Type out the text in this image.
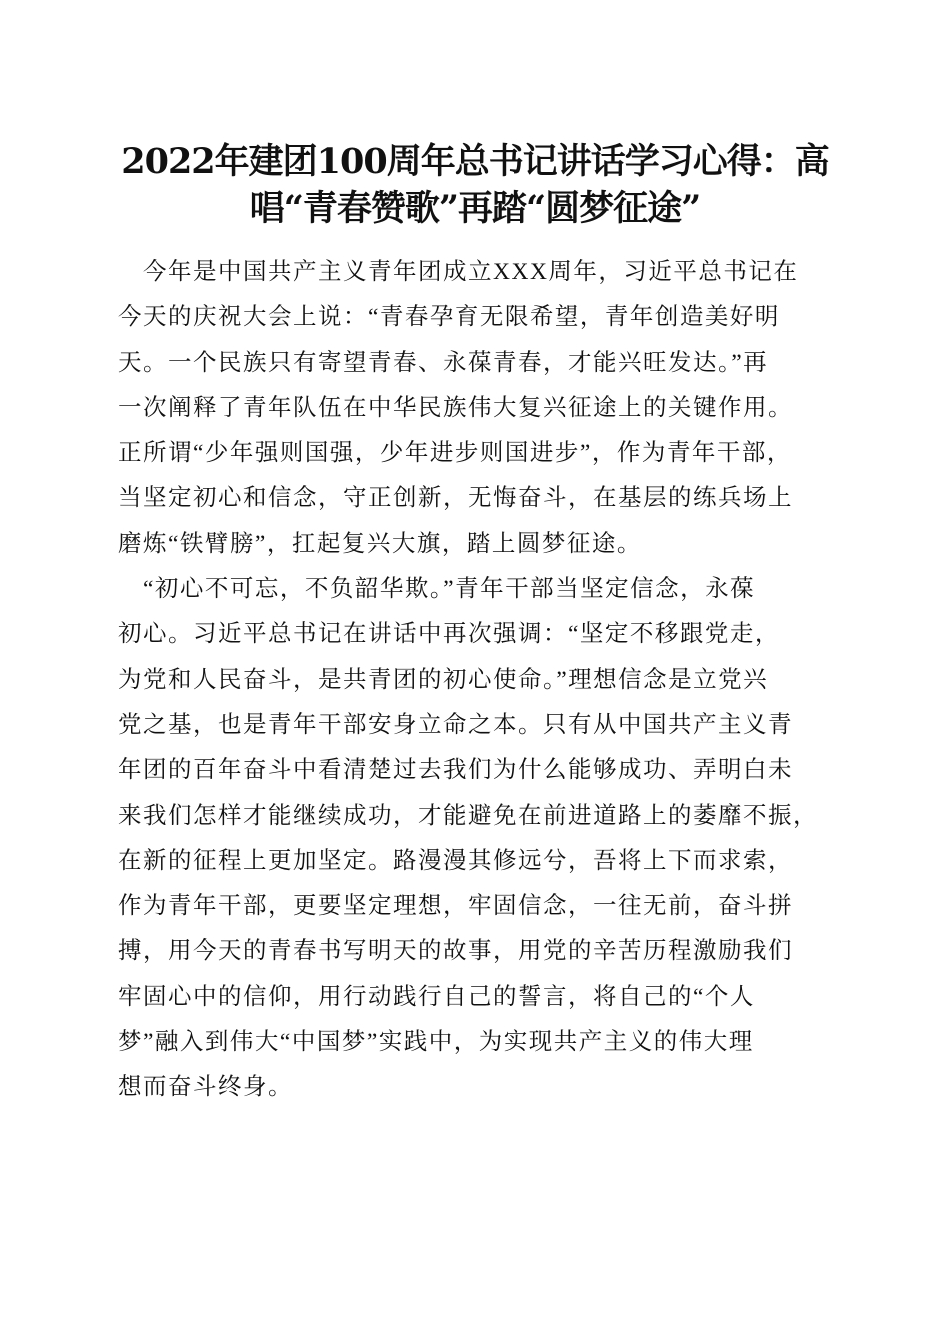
2022年建团100周年总书记讲话学习心得：高
唱“青春赞歌”再踏“圆梦征途”
　今年是中国共产主义青年团成立XXX周年，习近平总书记在
今天的庆祝大会上说：“青春孕育无限希望，青年创造美好明
天。一个民族只有寄望青春、永葆青春，才能兴旺发达。”再
一次阐释了青年队伍在中华民族伟大复兴征途上的关键作用。
正所谓“少年强则国强，少年进步则国进步”，作为青年干部，
当坚定初心和信念，守正创新，无悔奋斗，在基层的练兵场上
磨炼“铁臂膀”，扛起复兴大旗，踏上圆梦征途。
　“初心不可忘，不负韶华欺。”青年干部当坚定信念，永葆
初心。习近平总书记在讲话中再次强调：“坚定不移跟党走，
为党和人民奋斗，是共青团的初心使命。”理想信念是立党兴
党之基，也是青年干部安身立命之本。只有从中国共产主义青
年团的百年奋斗中看清楚过去我们为什么能够成功、弄明白未
来我们怎样才能继续成功，才能避免在前进道路上的萎靡不振，
在新的征程上更加坚定。路漫漫其修远兮，吾将上下而求索，
作为青年干部，更要坚定理想，牢固信念，一往无前，奋斗拼
搏，用今天的青春书写明天的故事，用党的辛苦历程激励我们
牢固心中的信仰，用行动践行自己的誓言，将自己的“个人
梦”融入到伟大“中国梦”实践中，为实现共产主义的伟大理
想而奋斗终身。
